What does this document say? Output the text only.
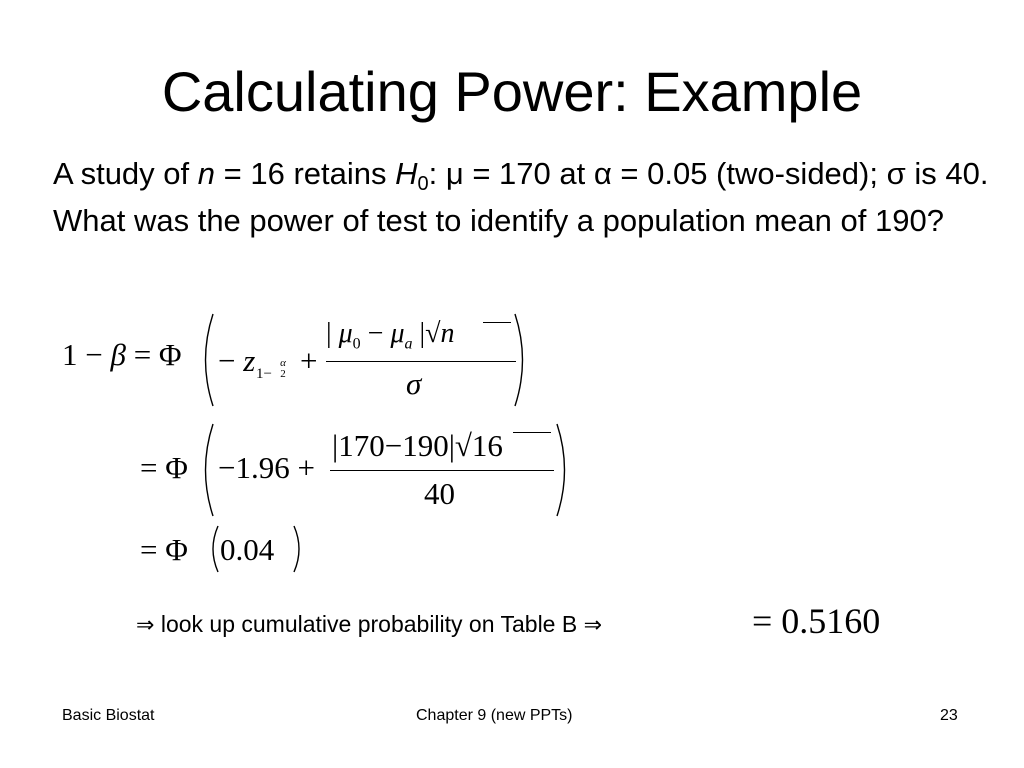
Calculating Power: Example
A study of n = 16 retains $H_0$: μ = 170 at α = 0.05 (two-sided); σ is 40. What was the power of test to identify a population mean of 190?
1 − β = Φ − z 1−
α
2 +
| $\mu_0 - \mu_a$ |√n
σ
= Φ −1.96 +
|170−190|√16
40
= Φ 0.04
⇒ look up cumulative probability on Table B ⇒	= 0.5160
Basic Biostat	Chapter 9 (new PPTs)	23
